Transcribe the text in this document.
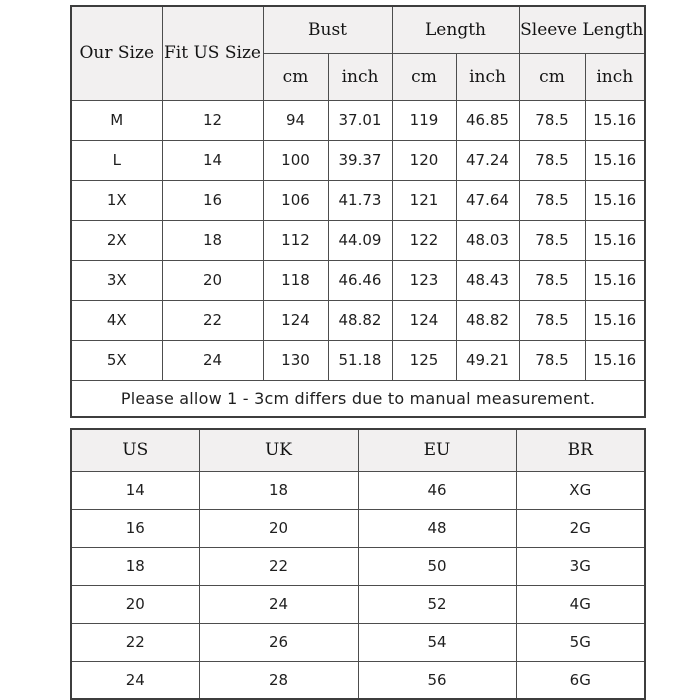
Our Size	Fit US Size	Bust		Length		Sleeve Length	
		cm	inch	cm	inch	cm	inch
M	12	94	37.01	119	46.85	78.5	15.16
L	14	100	39.37	120	47.24	78.5	15.16
1X	16	106	41.73	121	47.64	78.5	15.16
2X	18	112	44.09	122	48.03	78.5	15.16
3X	20	118	46.46	123	48.43	78.5	15.16
4X	22	124	48.82	124	48.82	78.5	15.16
5X	24	130	51.18	125	49.21	78.5	15.16
Please allow 1 - 3cm differs due to manual measurement.							
US	UK	EU	BR
14	18	46	XG
16	20	48	2G
18	22	50	3G
20	24	52	4G
22	26	54	5G
24	28	56	6G
